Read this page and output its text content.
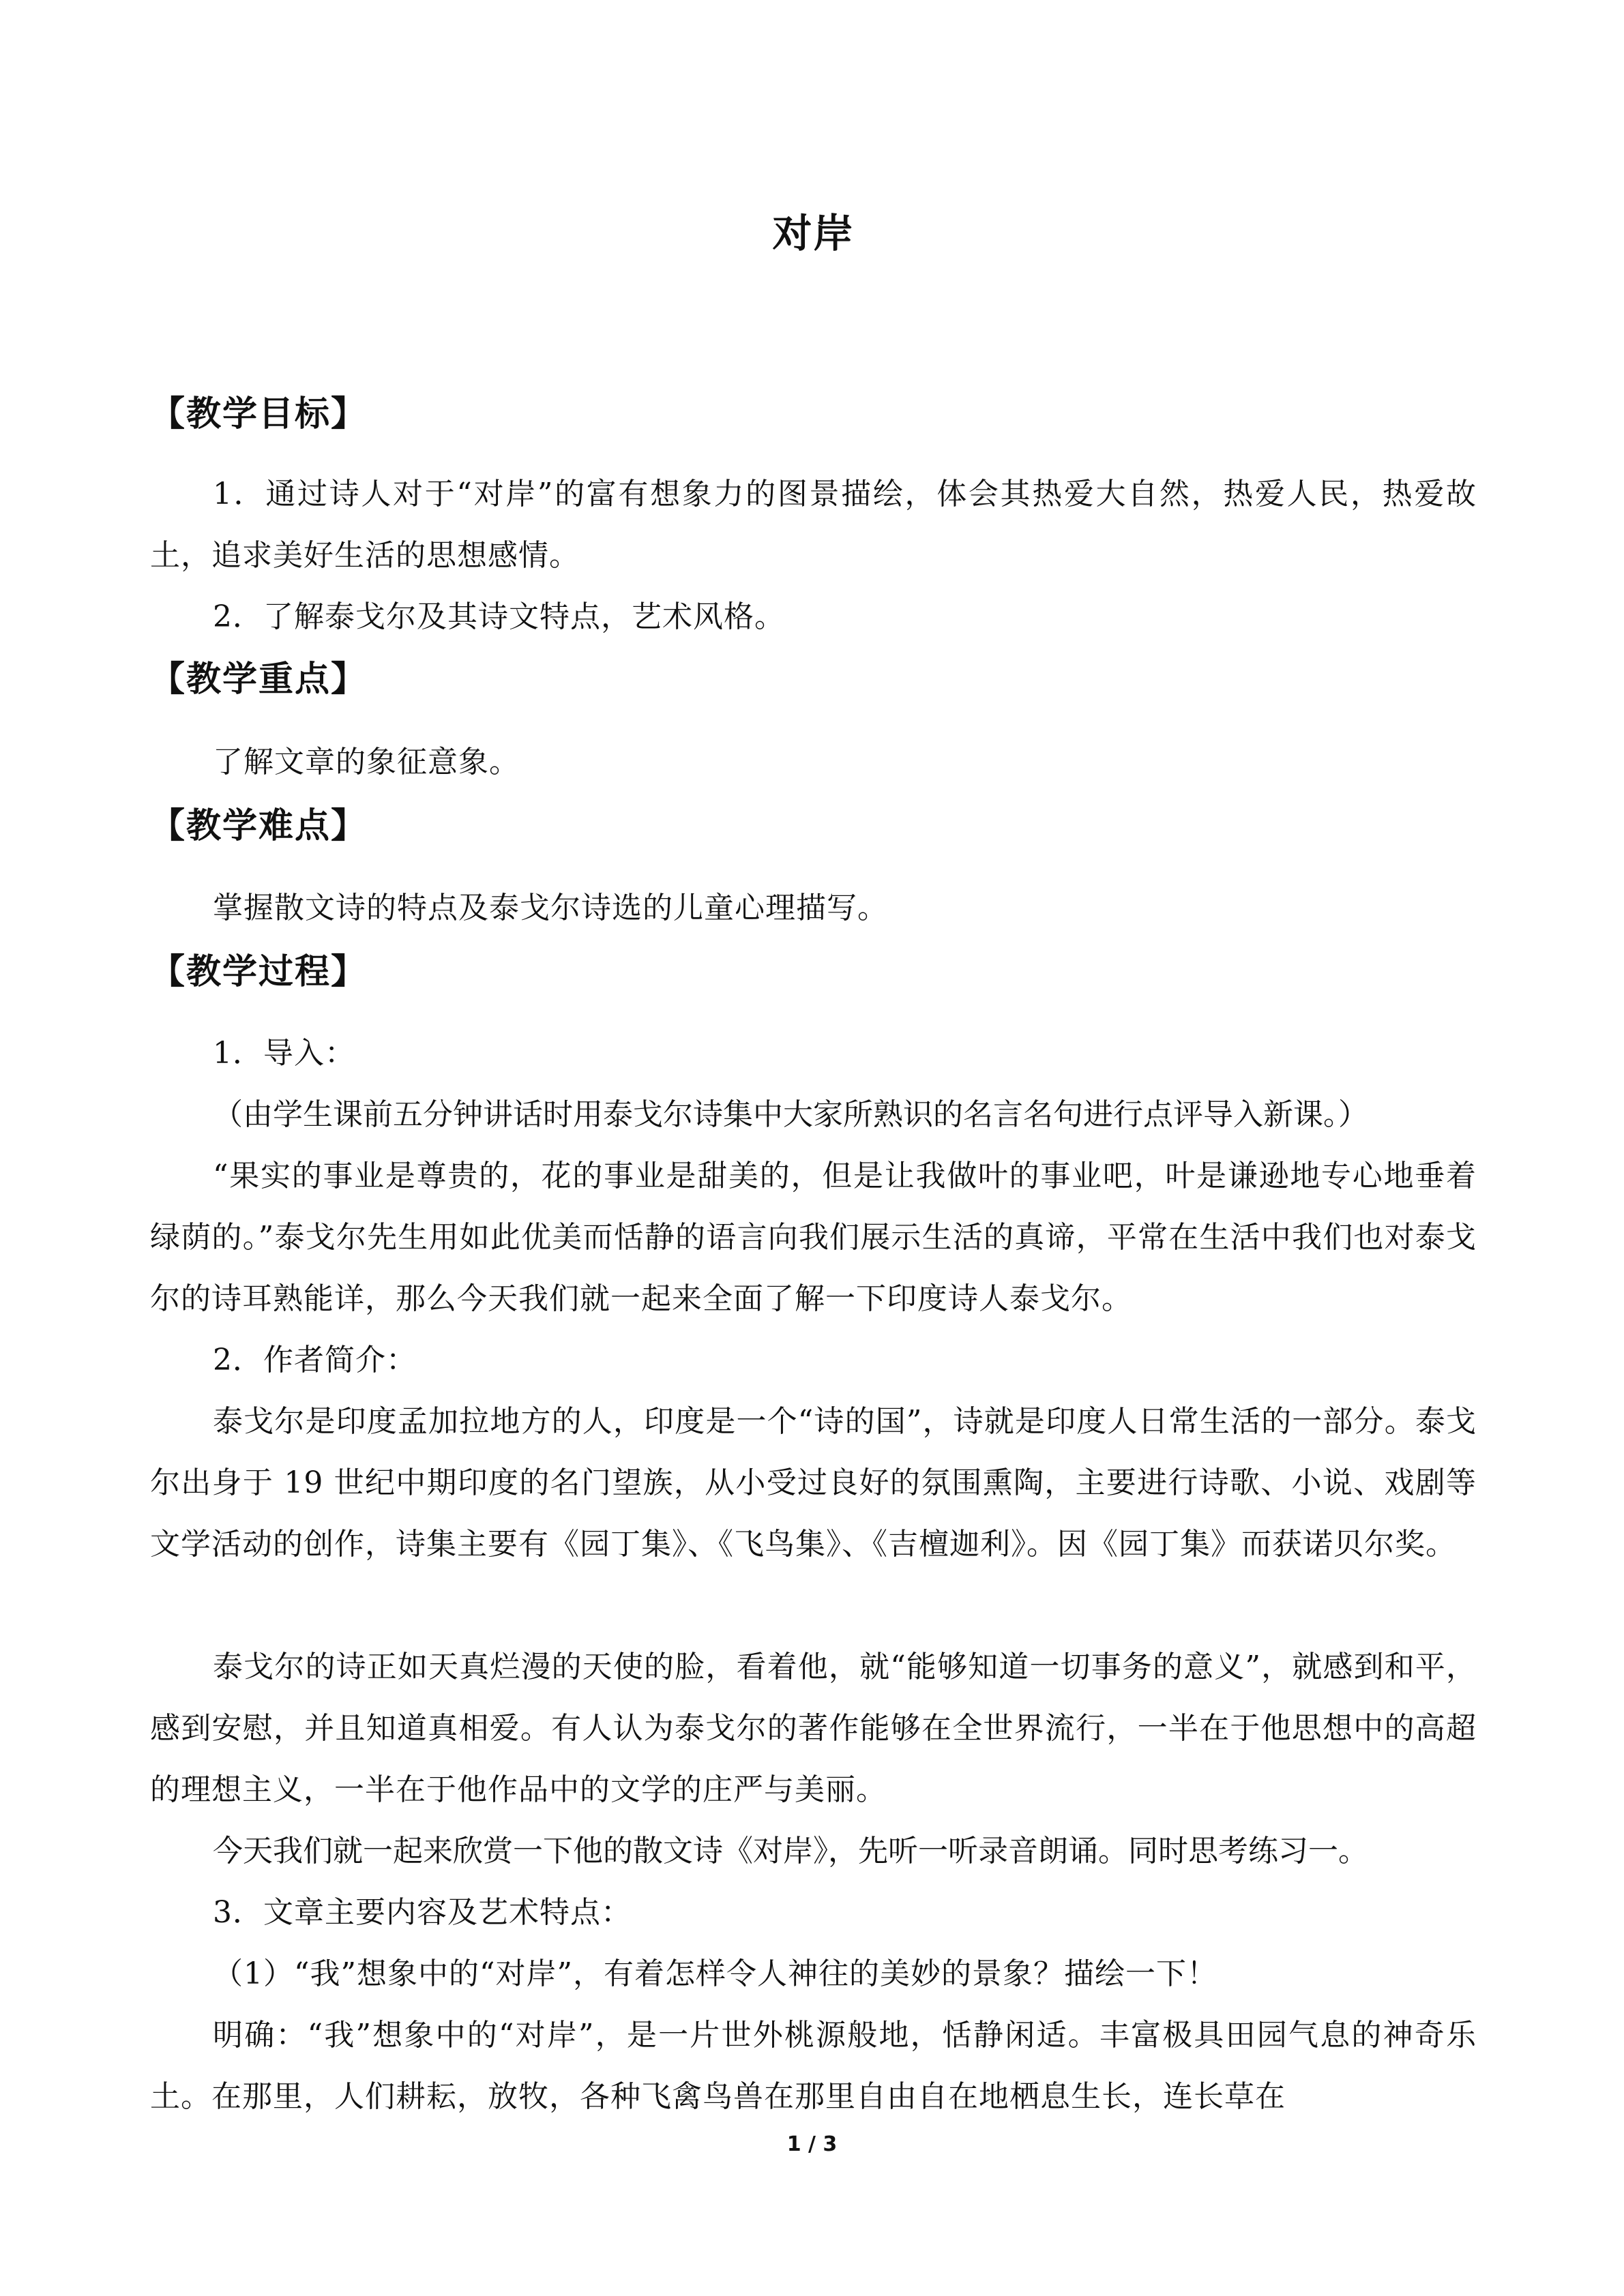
对岸
【教学目标】
1．通过诗人对于“对岸”的富有想象力的图景描绘，体会其热爱大自然，热爱人民，热爱故土，追求美好生活的思想感情。
2．了解泰戈尔及其诗文特点，艺术风格。
【教学重点】
了解文章的象征意象。
【教学难点】
掌握散文诗的特点及泰戈尔诗选的儿童心理描写。
【教学过程】
1．导入：
（由学生课前五分钟讲话时用泰戈尔诗集中大家所熟识的名言名句进行点评导入新课。）
“果实的事业是尊贵的，花的事业是甜美的，但是让我做叶的事业吧，叶是谦逊地专心地垂着绿荫的。”泰戈尔先生用如此优美而恬静的语言向我们展示生活的真谛，平常在生活中我们也对泰戈尔的诗耳熟能详，那么今天我们就一起来全面了解一下印度诗人泰戈尔。
2．作者简介：
泰戈尔是印度孟加拉地方的人，印度是一个“诗的国”，诗就是印度人日常生活的一部分。泰戈尔出身于 19 世纪中期印度的名门望族，从小受过良好的氛围熏陶，主要进行诗歌、小说、戏剧等文学活动的创作，诗集主要有《园丁集》、《飞鸟集》、《吉檀迦利》。因《园丁集》而获诺贝尔奖。
泰戈尔的诗正如天真烂漫的天使的脸，看着他，就“能够知道一切事务的意义”，就感到和平，感到安慰，并且知道真相爱。有人认为泰戈尔的著作能够在全世界流行，一半在于他思想中的高超的理想主义，一半在于他作品中的文学的庄严与美丽。
今天我们就一起来欣赏一下他的散文诗《对岸》，先听一听录音朗诵。同时思考练习一。
3．文章主要内容及艺术特点：
（1）“我”想象中的“对岸”，有着怎样令人神往的美妙的景象？描绘一下！
明确：“我”想象中的“对岸”，是一片世外桃源般地，恬静闲适。丰富极具田园气息的神奇乐土。在那里，人们耕耘，放牧，各种飞禽鸟兽在那里自由自在地栖息生长，连长草在
1 / 3
